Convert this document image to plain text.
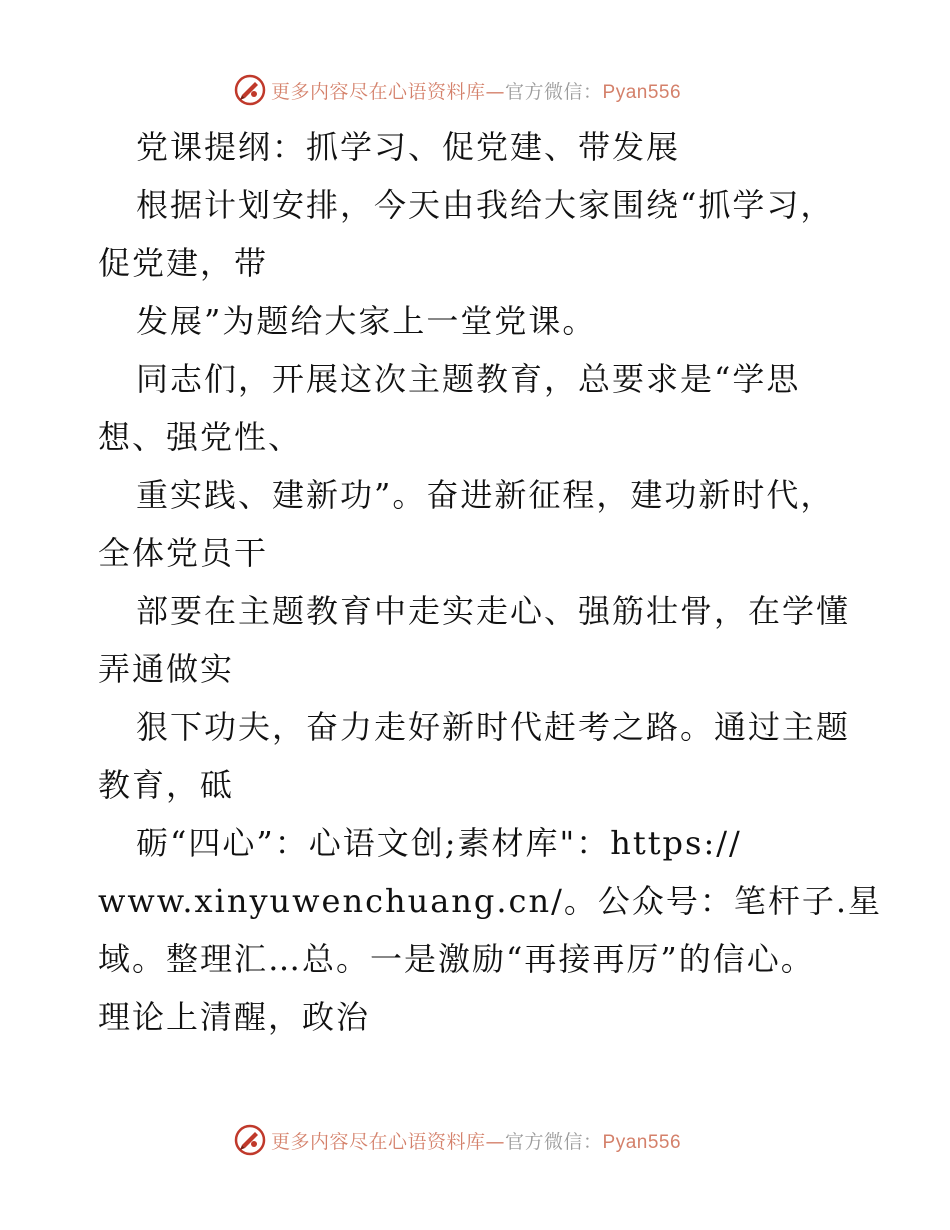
更多内容尽在心语资料库—官方微信：Pyan556
党课提纲：抓学习、促党建、带发展
根据计划安排，今天由我给大家围绕“抓学习，
促党建，带
发展”为题给大家上一堂党课。
同志们，开展这次主题教育，总要求是“学思
想、强党性、
重实践、建新功”。奋进新征程，建功新时代，
全体党员干
部要在主题教育中走实走心、强筋壮骨，在学懂
弄通做实
狠下功夫，奋力走好新时代赶考之路。通过主题
教育，砥
砺“四心”：心语文创;素材库"：https://
www.xinyuwenchuang.cn/。公众号：笔杆子.星
域。整理汇…总。一是激励“再接再厉”的信心。
理论上清醒，政治
更多内容尽在心语资料库—官方微信：Pyan556
